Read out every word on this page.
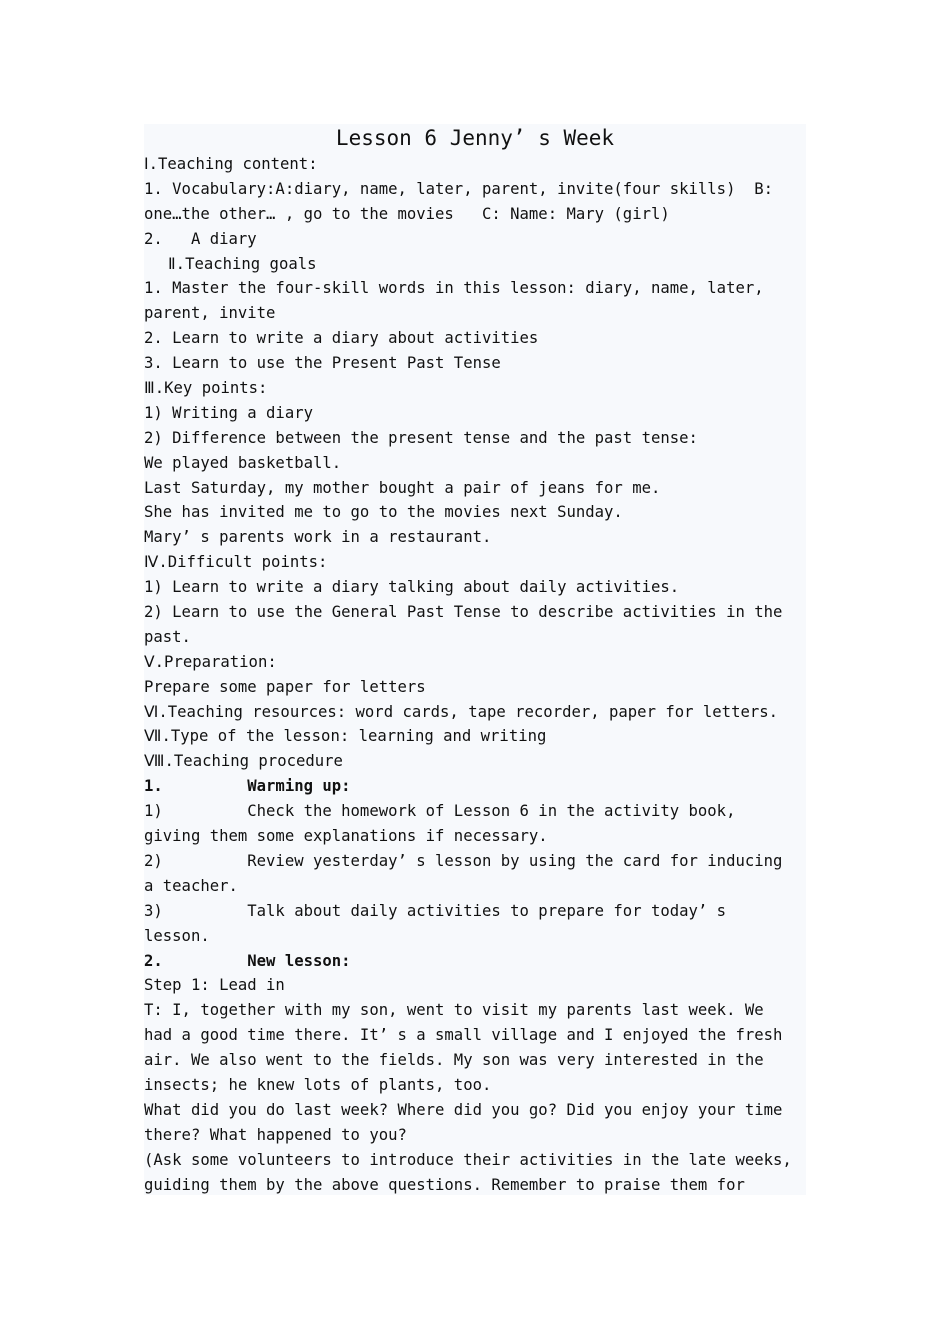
Lesson 6 Jenny’ s Week
Ⅰ.Teaching content:
1. Vocabulary:A:diary, name, later, parent, invite(four skills)  B:
one…the other… , go to the movies   C: Name: Mary (girl)
2.   A diary
Ⅱ.Teaching goals
1. Master the four-skill words in this lesson: diary, name, later,
parent, invite
2. Learn to write a diary about activities
3. Learn to use the Present Past Tense
Ⅲ.Key points:
1) Writing a diary
2) Difference between the present tense and the past tense:
We played basketball.
Last Saturday, my mother bought a pair of jeans for me.
She has invited me to go to the movies next Sunday.
Mary’ s parents work in a restaurant.
Ⅳ.Difficult points:
1) Learn to write a diary talking about daily activities.
2) Learn to use the General Past Tense to describe activities in the
past.
Ⅴ.Preparation:
Prepare some paper for letters
Ⅵ.Teaching resources: word cards, tape recorder, paper for letters.
Ⅶ.Type of the lesson: learning and writing
Ⅷ.Teaching procedure
1.         Warming up:
1)         Check the homework of Lesson 6 in the activity book,
giving them some explanations if necessary.
2)         Review yesterday’ s lesson by using the card for inducing
a teacher.
3)         Talk about daily activities to prepare for today’ s
lesson.
2.         New lesson:
Step 1: Lead in
T: I, together with my son, went to visit my parents last week. We
had a good time there. It’ s a small village and I enjoyed the fresh
air. We also went to the fields. My son was very interested in the
insects; he knew lots of plants, too.
What did you do last week? Where did you go? Did you enjoy your time
there? What happened to you?
(Ask some volunteers to introduce their activities in the late weeks,
guiding them by the above questions. Remember to praise them for
